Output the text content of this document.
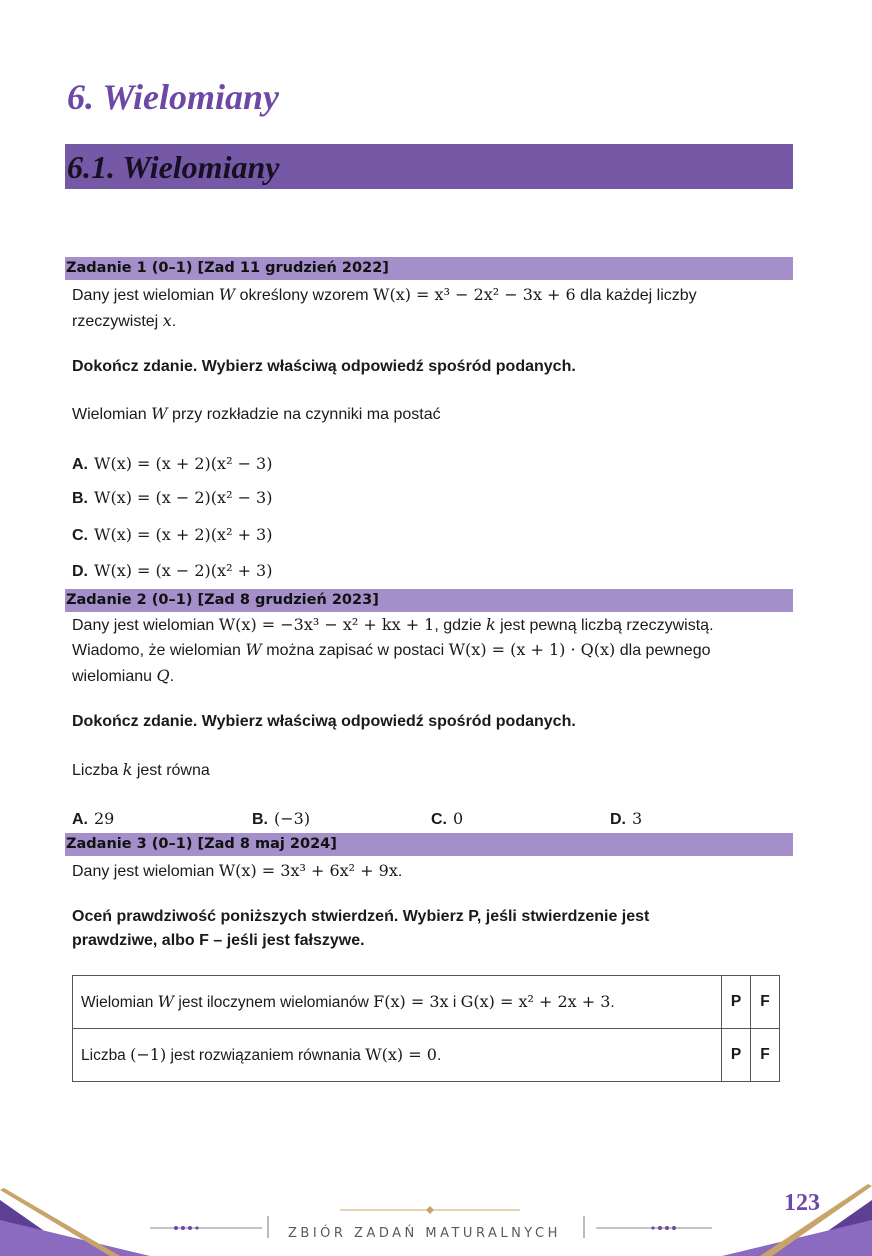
6. Wielomiany
6.1. Wielomiany
Zadanie 1 (0–1) [Zad 11 grudzień 2022]
Dany jest wielomian W określony wzorem W(x) = x³ − 2x² − 3x + 6 dla każdej liczby
rzeczywistej x.
Dokończ zdanie. Wybierz właściwą odpowiedź spośród podanych.
Wielomian W przy rozkładzie na czynniki ma postać
A. W(x) = (x + 2)(x² − 3)
B. W(x) = (x − 2)(x² − 3)
C. W(x) = (x + 2)(x² + 3)
D. W(x) = (x − 2)(x² + 3)
Zadanie 2 (0–1) [Zad 8 grudzień 2023]
Dany jest wielomian W(x) = −3x³ − x² + kx + 1, gdzie k jest pewną liczbą rzeczywistą.
Wiadomo, że wielomian W można zapisać w postaci W(x) = (x + 1) · Q(x) dla pewnego
wielomianu Q.
Dokończ zdanie. Wybierz właściwą odpowiedź spośród podanych.
Liczba k jest równa
A. 29	B. (−3)	C. 0	D. 3
Zadanie 3 (0–1) [Zad 8 maj 2024]
Dany jest wielomian W(x) = 3x³ + 6x² + 9x.
Oceń prawdziwość poniższych stwierdzeń. Wybierz P, jeśli stwierdzenie jest
prawdziwe, albo F – jeśli jest fałszywe.
Wielomian W jest iloczynem wielomianów F(x) = 3x i G(x) = x² + 2x + 3.	P	F
Liczba (−1) jest rozwiązaniem równania W(x) = 0.	P	F
123
ZBIÓR ZADAŃ MATURALNYCH
